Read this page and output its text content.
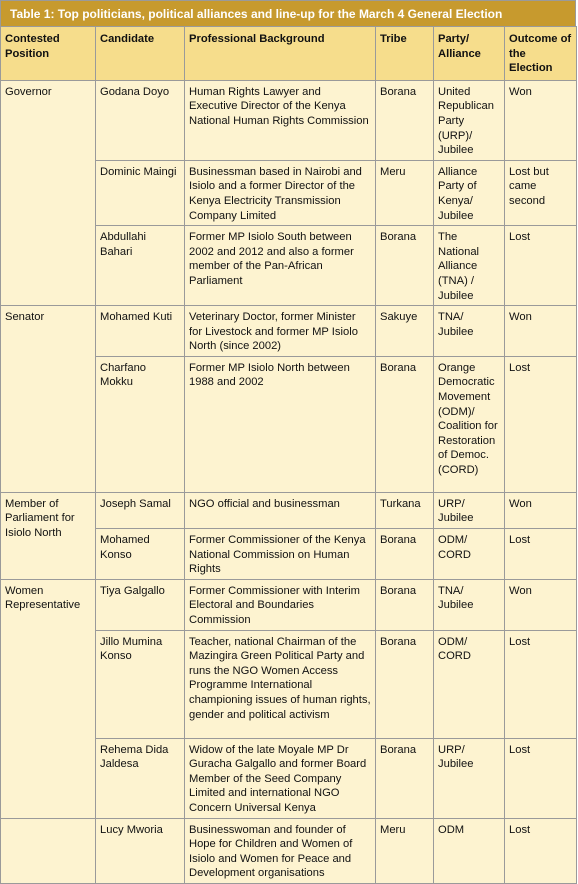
Table 1: Top politicians, political alliances and line-up for the March 4 General Election
Contested Position	Candidate	Professional Background	Tribe	Party/ Alliance	Outcome of the Election
Governor	Godana Doyo	Human Rights Lawyer and Executive Director of the Kenya National Human Rights Commission	Borana	United Republican Party (URP)/ Jubilee	Won
	Dominic Maingi	Businessman based in Nairobi and Isiolo and a former Director of the Kenya Electricity Transmission Company Limited	Meru	Alliance Party of Kenya/ Jubilee	Lost but came second
	Abdullahi Bahari	Former MP Isiolo South between 2002 and 2012 and also a former member of the Pan-African Parliament	Borana	The National Alliance (TNA) / Jubilee	Lost
Senator	Mohamed Kuti	Veterinary Doctor, former Minister for Livestock and former MP Isiolo North (since 2002)	Sakuye	TNA/ Jubilee	Won
	Charfano Mokku	Former MP Isiolo North between 1988 and 2002	Borana	Orange Democratic Movement (ODM)/ Coalition for Restoration of Democ. (CORD)	Lost
Member of Parliament for Isiolo North	Joseph Samal	NGO official and businessman	Turkana	URP/ Jubilee	Won
	Mohamed Konso	Former Commissioner of the Kenya National Commission on Human Rights	Borana	ODM/ CORD	Lost
Women Representative	Tiya Galgallo	Former Commissioner with Interim Electoral and Boundaries Commission	Borana	TNA/ Jubilee	Won
	Jillo Mumina Konso	Teacher, national Chairman of the Mazingira Green Political Party and runs the NGO Women Access Programme International championing issues of human rights, gender and political activism	Borana	ODM/ CORD	Lost
	Rehema Dida Jaldesa	Widow of the late Moyale MP Dr Guracha Galgallo and former Board Member of the Seed Company Limited and international NGO Concern Universal Kenya	Borana	URP/ Jubilee	Lost
	Lucy Mworia	Businesswoman and founder of Hope for Children and Women of Isiolo and Women for Peace and Development organisations	Meru	ODM	Lost
